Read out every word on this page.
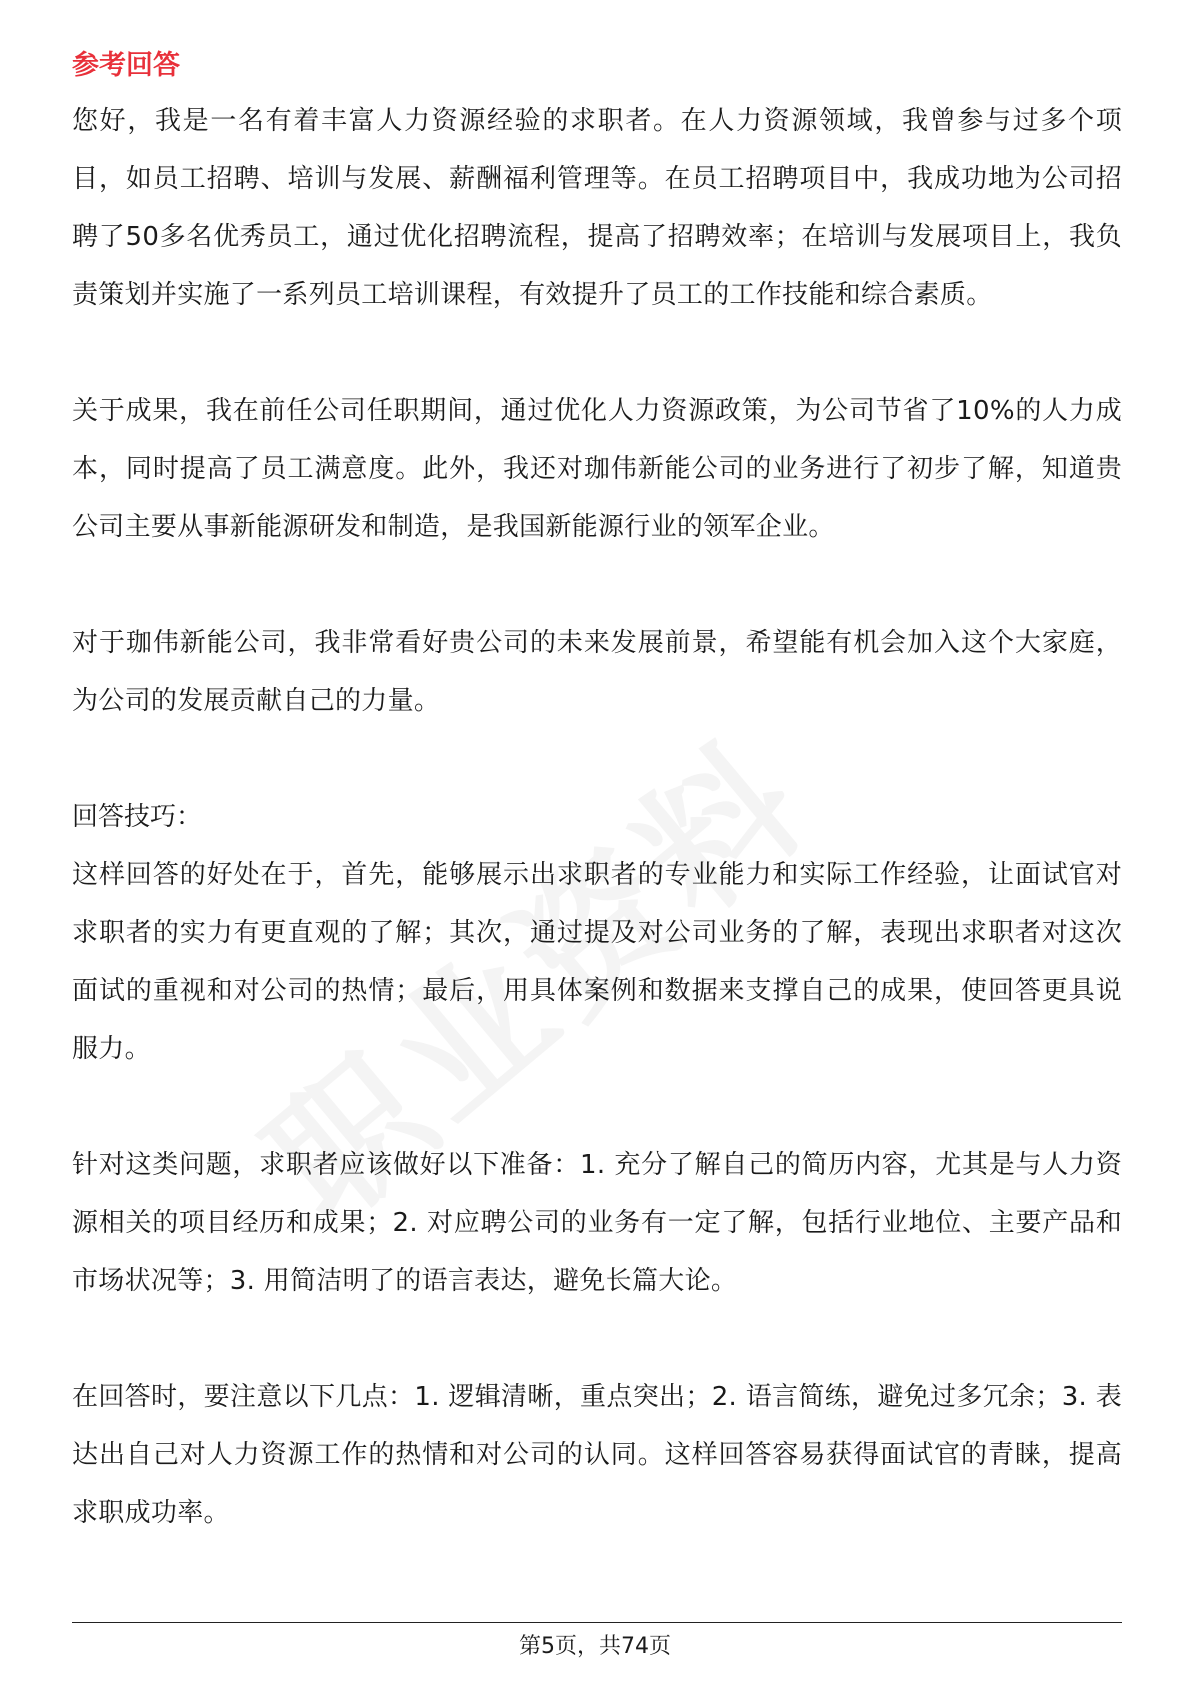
参考回答

您好，我是一名有着丰富人力资源经验的求职者。在人力资源领域，我曾参与过多个项目，如员工招聘、培训与发展、薪酬福利管理等。在员工招聘项目中，我成功地为公司招聘了50多名优秀员工，通过优化招聘流程，提高了招聘效率；在培训与发展项目上，我负责策划并实施了一系列员工培训课程，有效提升了员工的工作技能和综合素质。

关于成果，我在前任公司任职期间，通过优化人力资源政策，为公司节省了10%的人力成本，同时提高了员工满意度。此外，我还对珈伟新能公司的业务进行了初步了解，知道贵公司主要从事新能源研发和制造，是我国新能源行业的领军企业。

对于珈伟新能公司，我非常看好贵公司的未来发展前景，希望能有机会加入这个大家庭，为公司的发展贡献自己的力量。

回答技巧：

这样回答的好处在于，首先，能够展示出求职者的专业能力和实际工作经验，让面试官对求职者的实力有更直观的了解；其次，通过提及对公司业务的了解，表现出求职者对这次面试的重视和对公司的热情；最后，用具体案例和数据来支撑自己的成果，使回答更具说服力。

针对这类问题，求职者应该做好以下准备：1. 充分了解自己的简历内容，尤其是与人力资源相关的项目经历和成果；2. 对应聘公司的业务有一定了解，包括行业地位、主要产品和市场状况等；3. 用简洁明了的语言表达，避免长篇大论。

在回答时，要注意以下几点：1. 逻辑清晰，重点突出；2. 语言简练，避免过多冗余；3. 表达出自己对人力资源工作的热情和对公司的认同。这样回答容易获得面试官的青睐，提高求职成功率。

第5页，共74页
